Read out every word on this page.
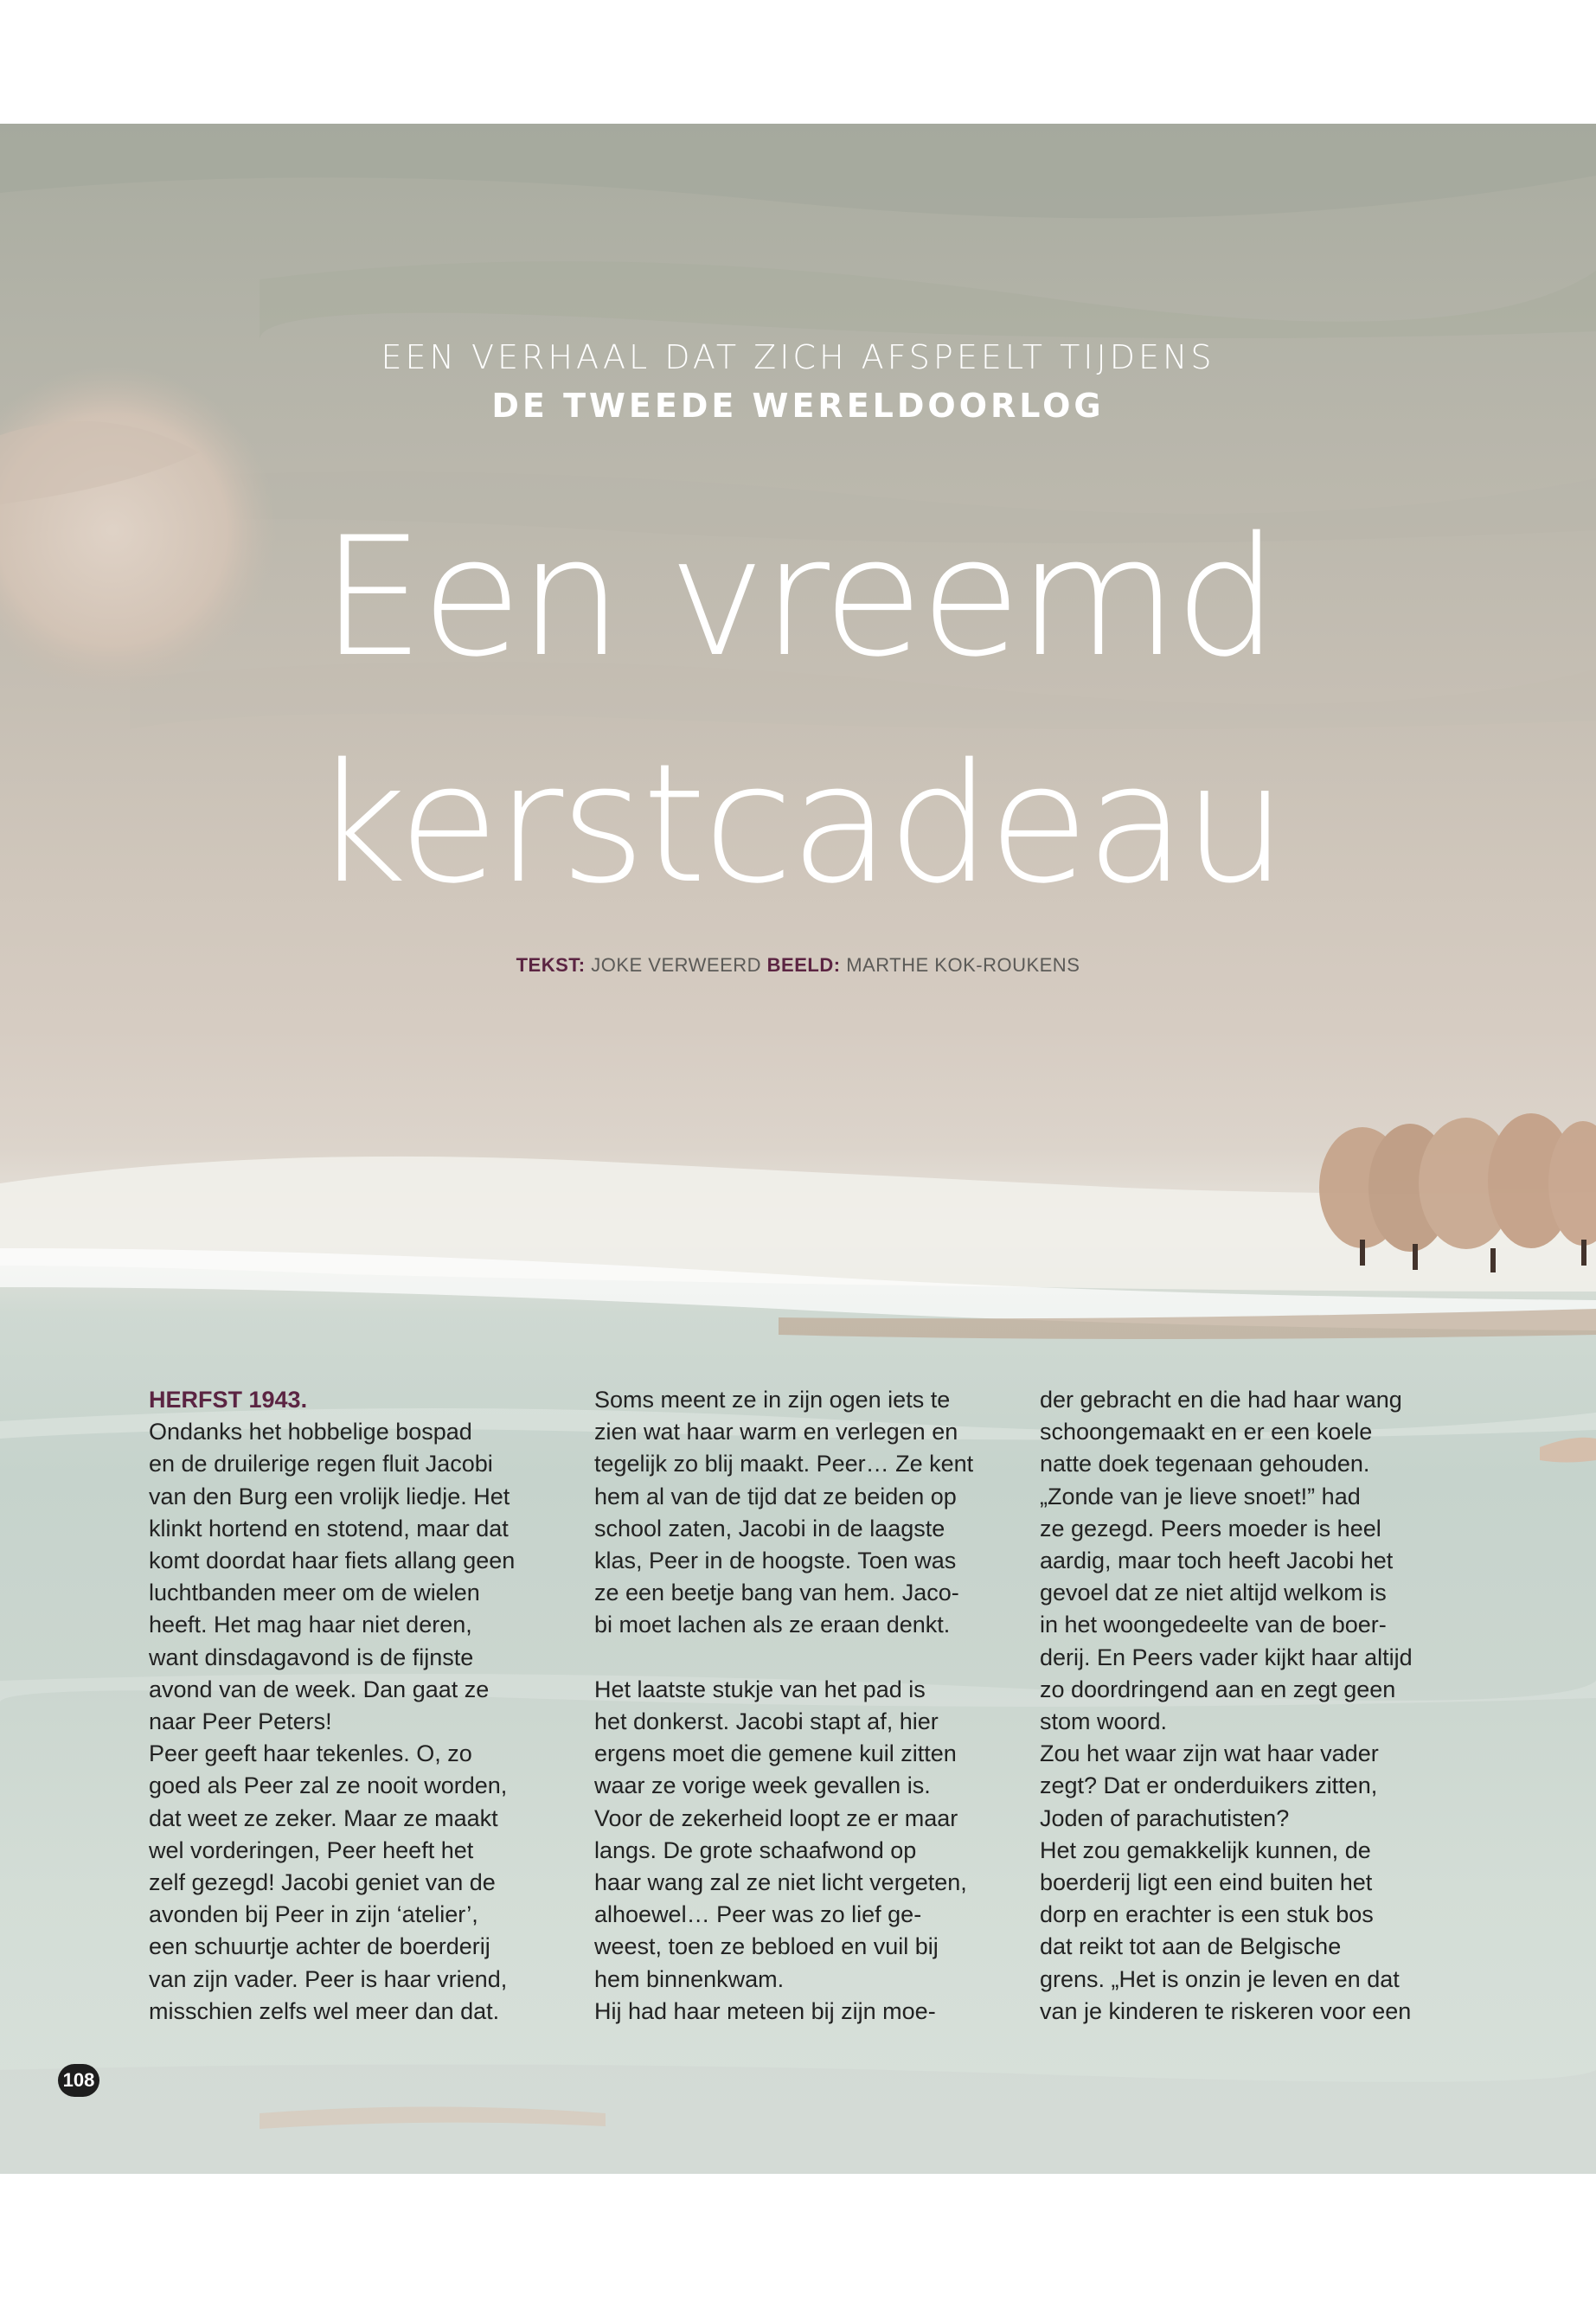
EEN VERHAAL DAT ZICH AFSPEELT TIJDENS
DE TWEEDE WERELDOORLOG
Een vreemd
kerstcadeau
TEKST: JOKE VERWEERD BEELD: MARTHE KOK-ROUKENS
HERFST 1943.
Ondanks het hobbelige bospad
en de druilerige regen fluit Jacobi
van den Burg een vrolijk liedje. Het
klinkt hortend en stotend, maar dat
komt doordat haar fiets allang geen
luchtbanden meer om de wielen
heeft. Het mag haar niet deren,
want dinsdagavond is de fijnste
avond van de week. Dan gaat ze
naar Peer Peters!
Peer geeft haar tekenles. O, zo
goed als Peer zal ze nooit worden,
dat weet ze zeker. Maar ze maakt
wel vorderingen, Peer heeft het
zelf gezegd! Jacobi geniet van de
avonden bij Peer in zijn ‘atelier’,
een schuurtje achter de boerderij
van zijn vader. Peer is haar vriend,
misschien zelfs wel meer dan dat.
Soms meent ze in zijn ogen iets te
zien wat haar warm en verlegen en
tegelijk zo blij maakt. Peer… Ze kent
hem al van de tijd dat ze beiden op
school zaten, Jacobi in de laagste
klas, Peer in de hoogste. Toen was
ze een beetje bang van hem. Jaco-
bi moet lachen als ze eraan denkt.

Het laatste stukje van het pad is
het donkerst. Jacobi stapt af, hier
ergens moet die gemene kuil zitten
waar ze vorige week gevallen is.
Voor de zekerheid loopt ze er maar
langs. De grote schaafwond op
haar wang zal ze niet licht vergeten,
alhoewel… Peer was zo lief ge-
weest, toen ze bebloed en vuil bij
hem binnenkwam.
Hij had haar meteen bij zijn moe-
der gebracht en die had haar wang
schoongemaakt en er een koele
natte doek tegenaan gehouden.
„Zonde van je lieve snoet!” had
ze gezegd. Peers moeder is heel
aardig, maar toch heeft Jacobi het
gevoel dat ze niet altijd welkom is
in het woongedeelte van de boer-
derij. En Peers vader kijkt haar altijd
zo doordringend aan en zegt geen
stom woord.
Zou het waar zijn wat haar vader
zegt? Dat er onderduikers zitten,
Joden of parachutisten?
Het zou gemakkelijk kunnen, de
boerderij ligt een eind buiten het
dorp en erachter is een stuk bos
dat reikt tot aan de Belgische
grens. „Het is onzin je leven en dat
van je kinderen te riskeren voor een
108
